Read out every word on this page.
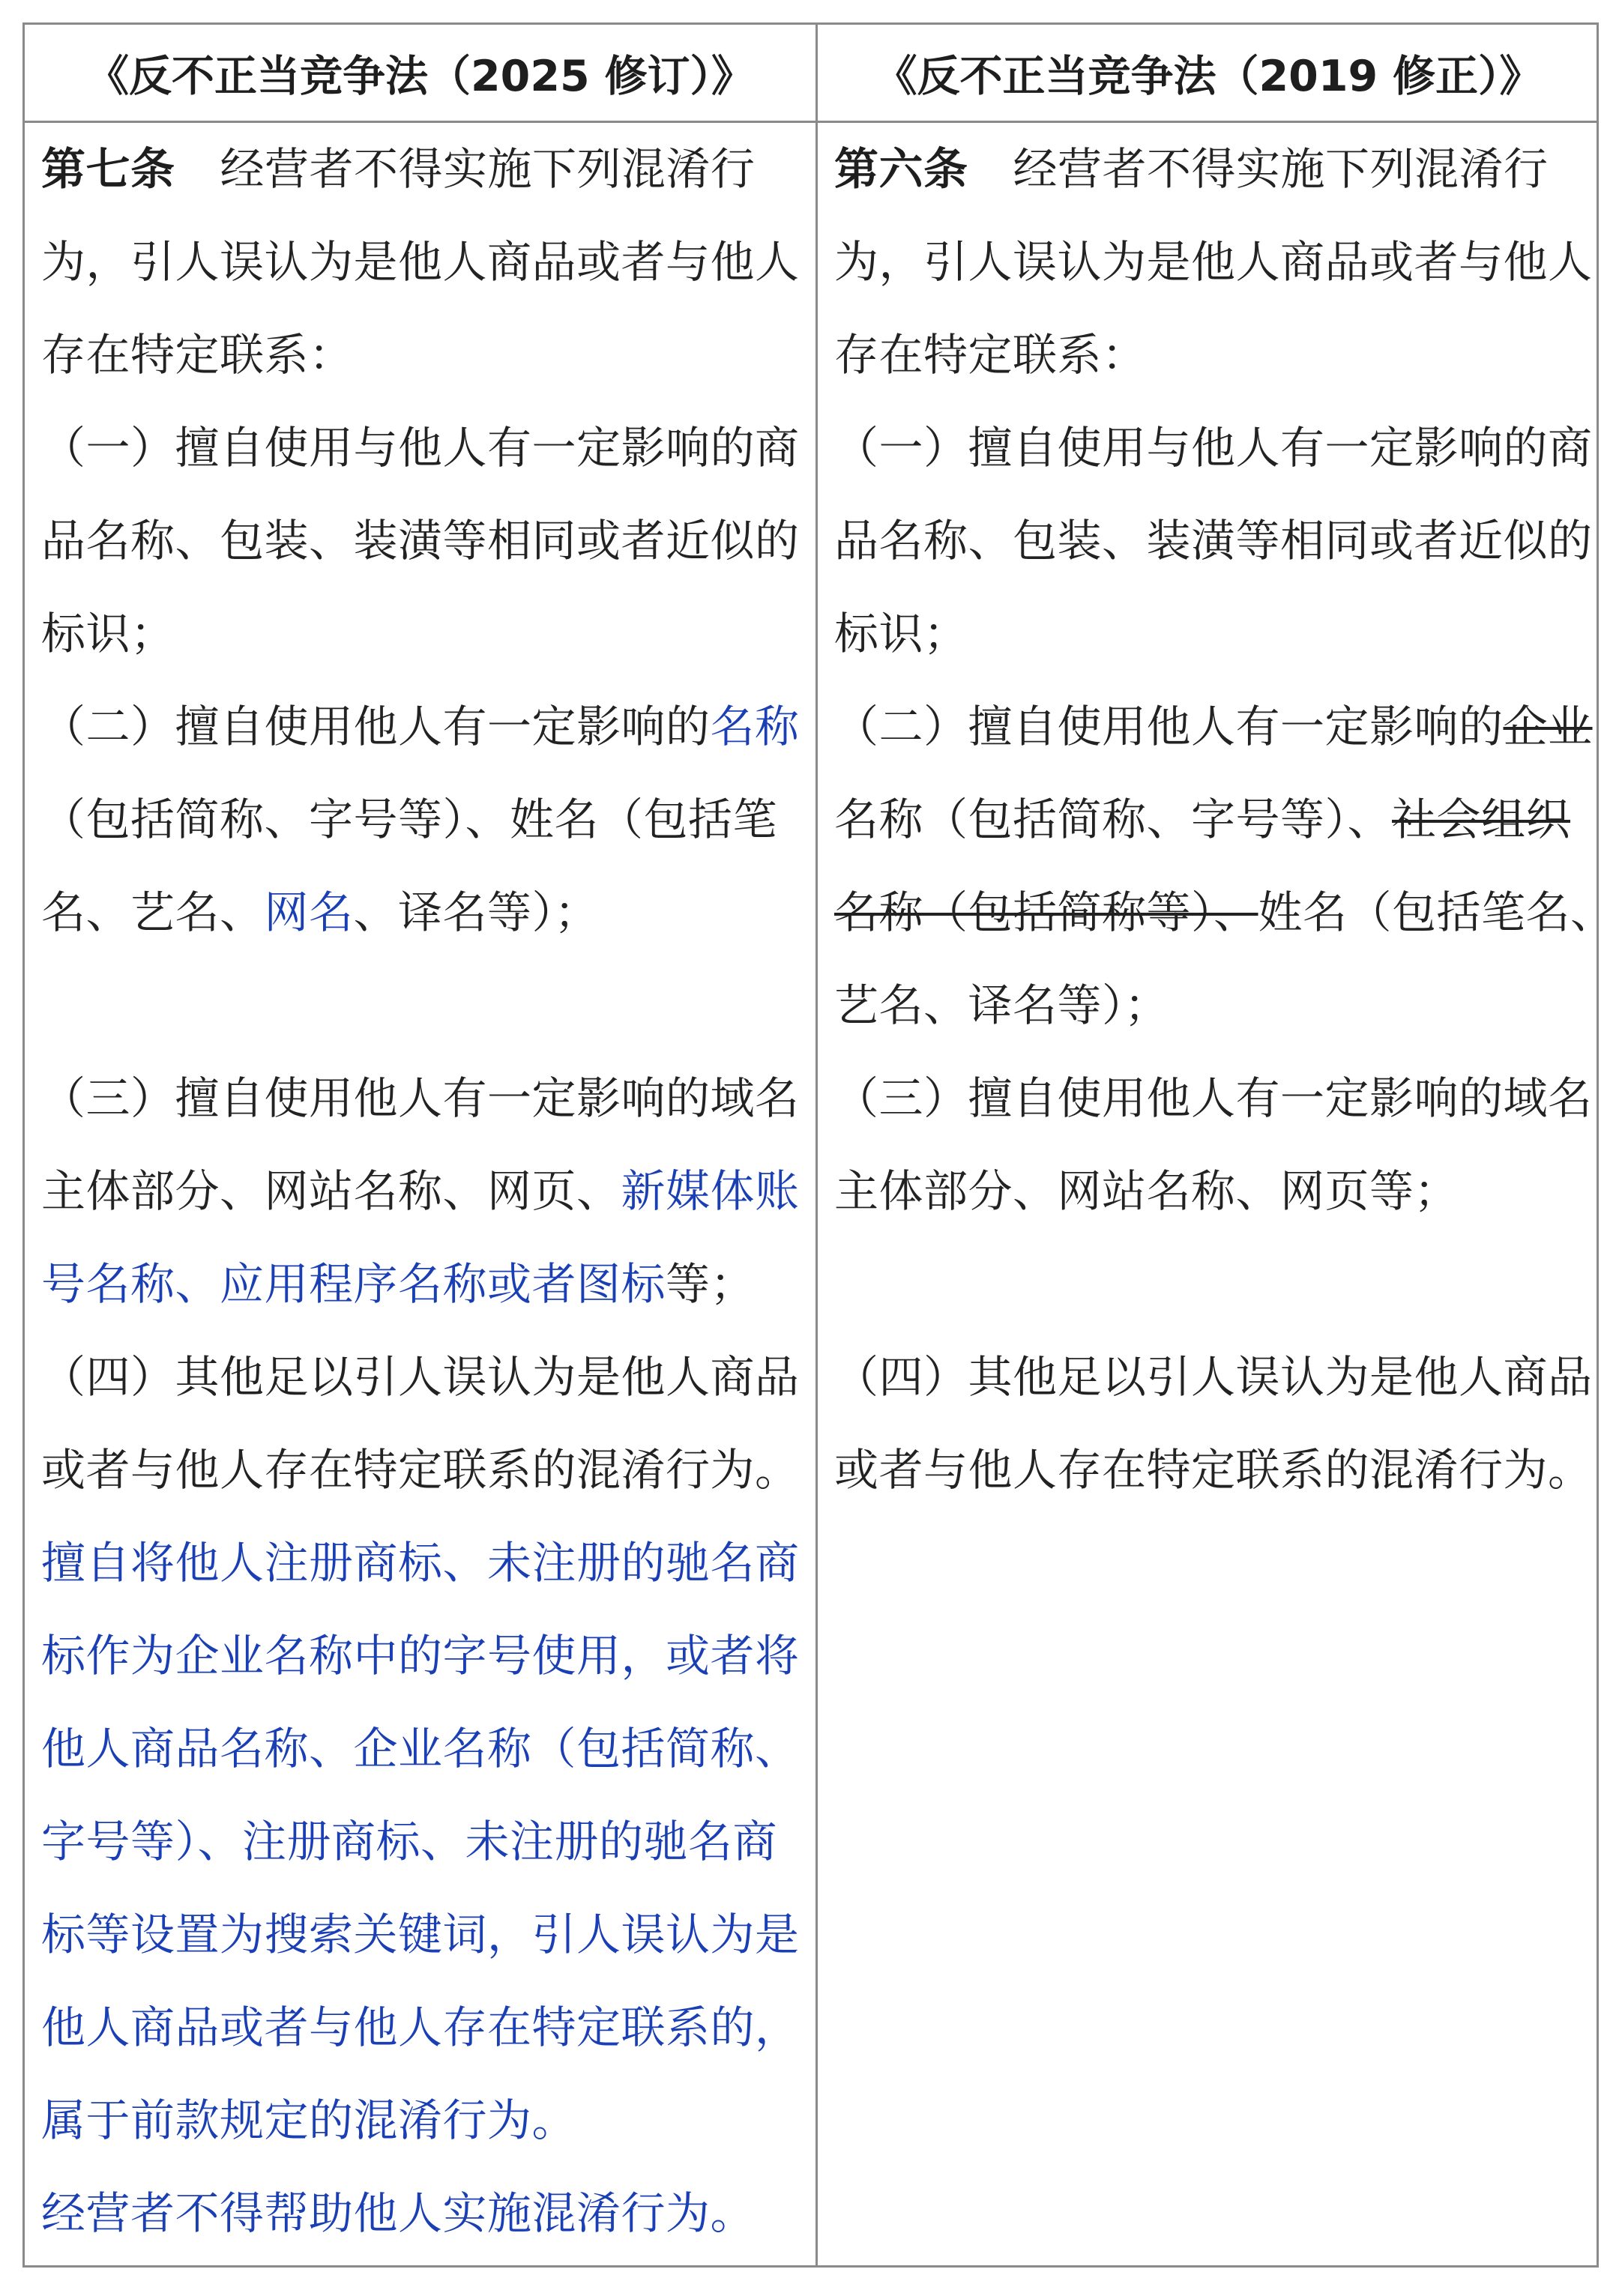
《反不正当竞争法（2025 修订）》	《反不正当竞争法（2019 修正）》
第七条 经营者不得实施下列混淆行
为，引人误认为是他人商品或者与他人
存在特定联系：
（一）擅自使用与他人有一定影响的商
品名称、包装、装潢等相同或者近似的
标识；
（二）擅自使用他人有一定影响的名称
（包括简称、字号等）、姓名（包括笔
名、艺名、网名、译名等）；
（三）擅自使用他人有一定影响的域名
主体部分、网站名称、网页、新媒体账
号名称、应用程序名称或者图标等；
（四）其他足以引人误认为是他人商品
或者与他人存在特定联系的混淆行为。
擅自将他人注册商标、未注册的驰名商
标作为企业名称中的字号使用，或者将
他人商品名称、企业名称（包括简称、
字号等）、注册商标、未注册的驰名商
标等设置为搜索关键词，引人误认为是
他人商品或者与他人存在特定联系的，
属于前款规定的混淆行为。
经营者不得帮助他人实施混淆行为。
第六条 经营者不得实施下列混淆行
为，引人误认为是他人商品或者与他人
存在特定联系：
（一）擅自使用与他人有一定影响的商
品名称、包装、装潢等相同或者近似的
标识；
（二）擅自使用他人有一定影响的企业
名称（包括简称、字号等）、社会组织
名称（包括简称等）、姓名（包括笔名、
艺名、译名等）；
（三）擅自使用他人有一定影响的域名
主体部分、网站名称、网页等；
（四）其他足以引人误认为是他人商品
或者与他人存在特定联系的混淆行为。
